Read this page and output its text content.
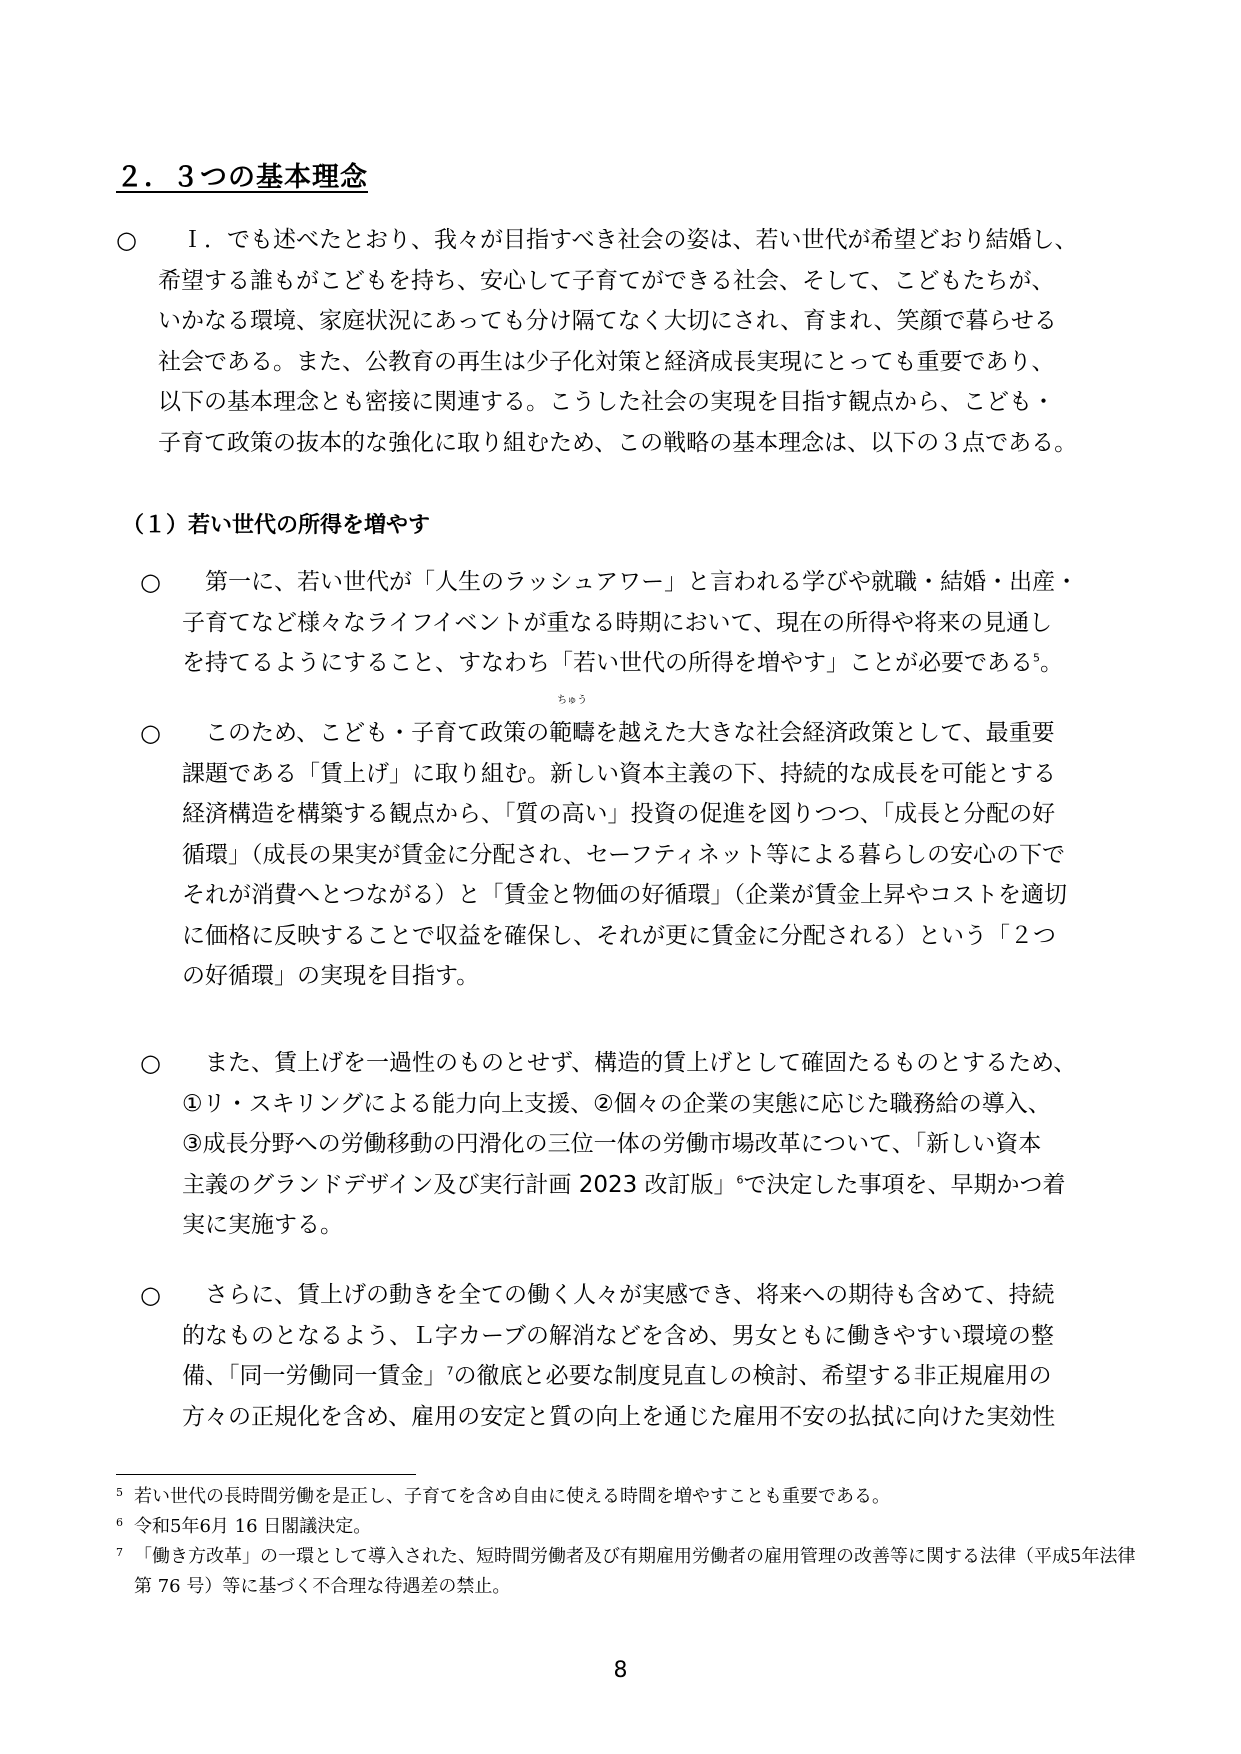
２．３つの基本理念
○ 　Ｉ．でも述べたとおり、我々が目指すべき社会の姿は、若い世代が希望どおり結婚し、
希望する誰もがこどもを持ち、安心して子育てができる社会、そして、こどもたちが、
いかなる環境、家庭状況にあっても分け隔てなく大切にされ、育まれ、笑顔で暮らせる
社会である。また、公教育の再生は少子化対策と経済成長実現にとっても重要であり、
以下の基本理念とも密接に関連する。こうした社会の実現を目指す観点から、こども・
子育て政策の抜本的な強化に取り組むため、この戦略の基本理念は、以下の３点である。
（１）若い世代の所得を増やす
○ 　第一に、若い世代が「人生のラッシュアワー」と言われる学びや就職・結婚・出産・
子育てなど様々なライフイベントが重なる時期において、現在の所得や将来の見通し
を持てるようにすること、すなわち「若い世代の所得を増やす」ことが必要である$^5$。
○ 　このため、こども・子育て政策の
ちゅう
範疇を越えた大きな社会経済政策として、最重要
課題である「賃上げ」に取り組む。新しい資本主義の下、持続的な成長を可能とする
経済構造を構築する観点から、「質の高い」投資の促進を図りつつ、「成長と分配の好
循環」（成長の果実が賃金に分配され、セーフティネット等による暮らしの安心の下で
それが消費へとつながる）と「賃金と物価の好循環」（企業が賃金上昇やコストを適切
に価格に反映することで収益を確保し、それが更に賃金に分配される）という「２つ
の好循環」の実現を目指す。
○ 　また、賃上げを一過性のものとせず、構造的賃上げとして確固たるものとするため、
①リ・スキリングによる能力向上支援、②個々の企業の実態に応じた職務給の導入、
③成長分野への労働移動の円滑化の三位一体の労働市場改革について、「新しい資本
主義のグランドデザイン及び実行計画 2023 改訂版」$^6$で決定した事項を、早期かつ着
実に実施する。
○ 　さらに、賃上げの動きを全ての働く人々が実感でき、将来への期待も含めて、持続
的なものとなるよう、Ｌ字カーブの解消などを含め、男女ともに働きやすい環境の整
備、「同一労働同一賃金」$^7$の徹底と必要な制度見直しの検討、希望する非正規雇用の
方々の正規化を含め、雇用の安定と質の向上を通じた雇用不安の払拭に向けた実効性
5 若い世代の長時間労働を是正し、子育てを含め自由に使える時間を増やすことも重要である。
6 令和5年6月 16 日閣議決定。
7 「働き方改革」の一環として導入された、短時間労働者及び有期雇用労働者の雇用管理の改善等に関する法律（平成5年法律第 76 号）等に基づく不合理な待遇差の禁止。
8
